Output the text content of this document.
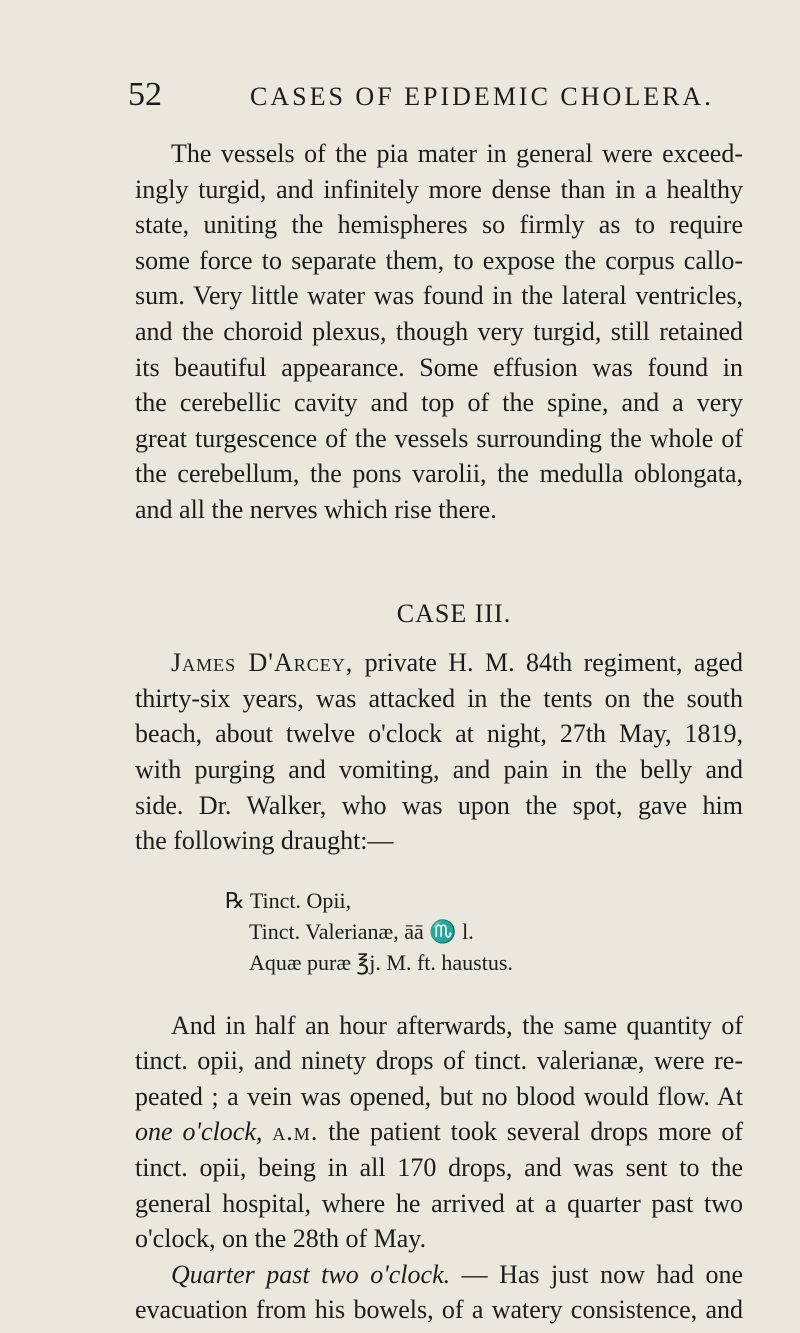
52	CASES OF EPIDEMIC CHOLERA.

The vessels of the pia mater in general were exceed-

ingly turgid, and infinitely more dense than in a healthy

state, uniting the hemispheres so firmly as to require

some force to separate them, to expose the corpus callo-

sum. Very little water was found in the lateral ventricles,

and the choroid plexus, though very turgid, still retained

its beautiful appearance. Some effusion was found in

the cerebellic cavity and top of the spine, and a very

great turgescence of the vessels surrounding the whole of

the cerebellum, the pons varolii, the medulla oblongata,

and all the nerves which rise there.

CASE III.

James D'Arcey, private H. M. 84th regiment, aged

thirty-six years, was attacked in the tents on the south

beach, about twelve o'clock at night, 27th May, 1819,

with purging and vomiting, and pain in the belly and

side. Dr. Walker, who was upon the spot, gave him

the following draught:—

℞ Tinct. Opii,
Tinct. Valerianæ, āā ♏ l.
Aquæ puræ ℥j. M. ft. haustus.

And in half an hour afterwards, the same quantity of

tinct. opii, and ninety drops of tinct. valerianæ, were re-

peated ; a vein was opened, but no blood would flow. At

one o'clock, a.m. the patient took several drops more of

tinct. opii, being in all 170 drops, and was sent to the

general hospital, where he arrived at a quarter past two

o'clock, on the 28th of May.

Quarter past two o'clock. — Has just now had one

evacuation from his bowels, of a watery consistence, and
